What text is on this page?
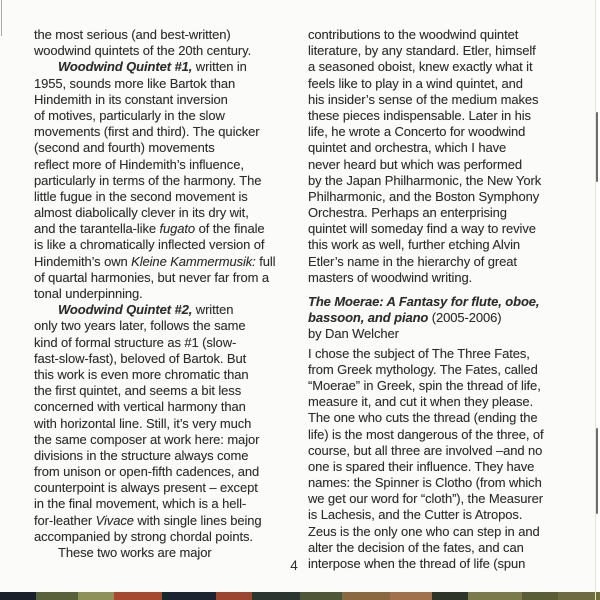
the most serious (and best-written)
woodwind quintets of the 20th century.
Woodwind Quintet #1, written in
1955, sounds more like Bartok than
Hindemith in its constant inversion
of motives, particularly in the slow
movements (first and third). The quicker
(second and fourth) movements
reflect more of Hindemith’s influence,
particularly in terms of the harmony. The
little fugue in the second movement is
almost diabolically clever in its dry wit,
and the tarantella-like fugato of the finale
is like a chromatically inflected version of
Hindemith’s own Kleine Kammermusik: full
of quartal harmonies, but never far from a
tonal underpinning.
Woodwind Quintet #2, written
only two years later, follows the same
kind of formal structure as #1 (slow-
fast-slow-fast), beloved of Bartok. But
this work is even more chromatic than
the first quintet, and seems a bit less
concerned with vertical harmony than
with horizontal line. Still, it’s very much
the same composer at work here: major
divisions in the structure always come
from unison or open-fifth cadences, and
counterpoint is always present – except
in the final movement, which is a hell-
for-leather Vivace with single lines being
accompanied by strong chordal points.
These two works are major
contributions to the woodwind quintet
literature, by any standard. Etler, himself
a seasoned oboist, knew exactly what it
feels like to play in a wind quintet, and
his insider’s sense of the medium makes
these pieces indispensable. Later in his
life, he wrote a Concerto for woodwind
quintet and orchestra, which I have
never heard but which was performed
by the Japan Philharmonic, the New York
Philharmonic, and the Boston Symphony
Orchestra. Perhaps an enterprising
quintet will someday find a way to revive
this work as well, further etching Alvin
Etler’s name in the hierarchy of great
masters of woodwind writing.
The Moerae: A Fantasy for flute, oboe,
bassoon, and piano (2005-2006)
by Dan Welcher
I chose the subject of The Three Fates,
from Greek mythology. The Fates, called
“Moerae” in Greek, spin the thread of life,
measure it, and cut it when they please.
The one who cuts the thread (ending the
life) is the most dangerous of the three, of
course, but all three are involved –and no
one is spared their influence. They have
names: the Spinner is Clotho (from which
we get our word for “cloth”), the Measurer
is Lachesis, and the Cutter is Atropos.
Zeus is the only one who can step in and
alter the decision of the fates, and can
interpose when the thread of life (spun
4
